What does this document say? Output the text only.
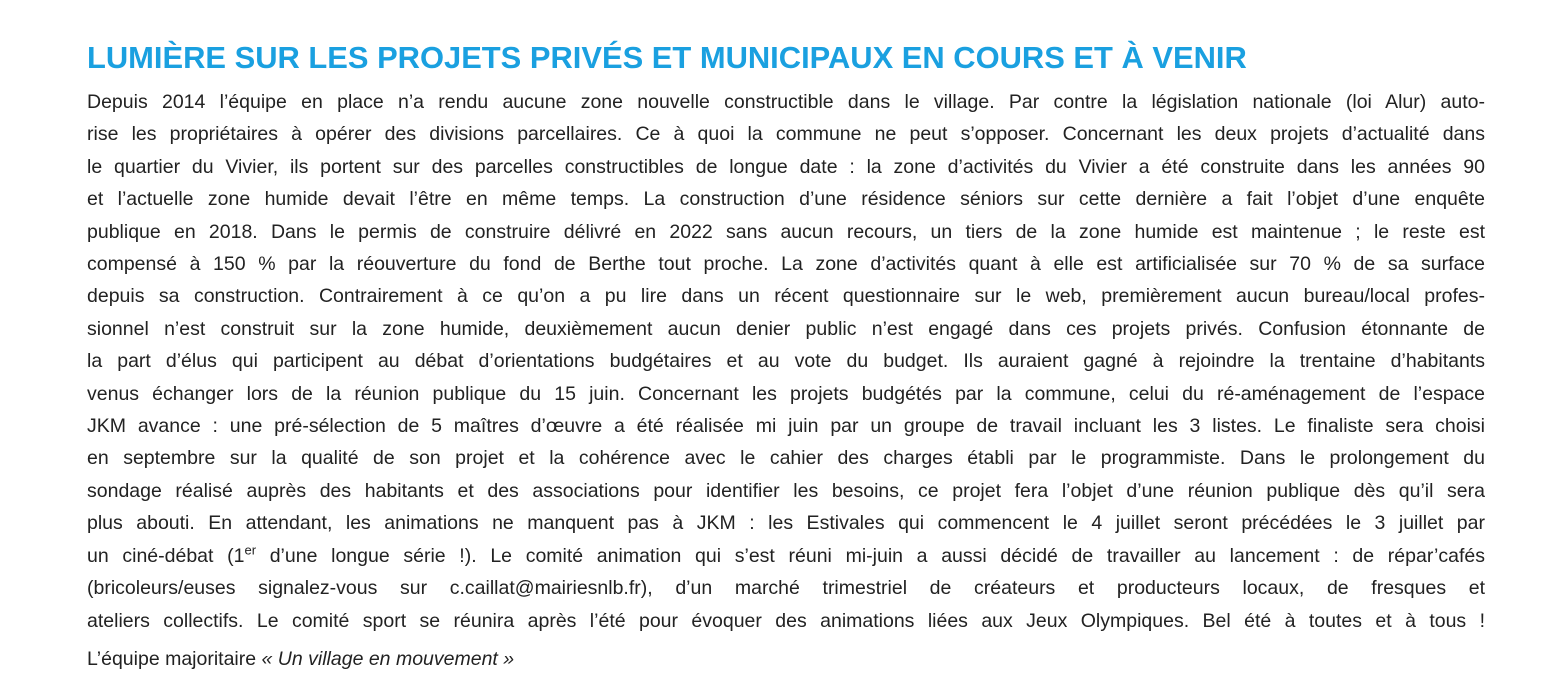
LUMIÈRE SUR LES PROJETS PRIVÉS ET MUNICIPAUX EN COURS ET À VENIR
Depuis 2014 l’équipe en place n’a rendu aucune zone nouvelle constructible dans le village. Par contre la législation nationale (loi Alur) auto-
rise les propriétaires à opérer des divisions parcellaires. Ce à quoi la commune ne peut s’opposer. Concernant les deux projets d’actualité dans
le quartier du Vivier, ils portent sur des parcelles constructibles de longue date : la zone d’activités du Vivier a été construite dans les années 90
et l’actuelle zone humide devait l’être en même temps. La construction d’une résidence séniors sur cette dernière a fait l’objet d’une enquête
publique en 2018. Dans le permis de construire délivré en 2022 sans aucun recours, un tiers de la zone humide est maintenue ; le reste est
compensé à 150 % par la réouverture du fond de Berthe tout proche. La zone d’activités quant à elle est artificialisée sur 70 % de sa surface
depuis sa construction. Contrairement à ce qu’on a pu lire dans un récent questionnaire sur le web, premièrement aucun bureau/local profes-
sionnel n’est construit sur la zone humide, deuxièmement aucun denier public n’est engagé dans ces projets privés. Confusion étonnante de
la part d’élus qui participent au débat d’orientations budgétaires et au vote du budget. Ils auraient gagné à rejoindre la trentaine d’habitants
venus échanger lors de la réunion publique du 15 juin. Concernant les projets budgétés par la commune, celui du ré-aménagement de l’espace
JKM avance : une pré-sélection de 5 maîtres d’œuvre a été réalisée mi juin par un groupe de travail incluant les 3 listes. Le finaliste sera choisi
en septembre sur la qualité de son projet et la cohérence avec le cahier des charges établi par le programmiste. Dans le prolongement du
sondage réalisé auprès des habitants et des associations pour identifier les besoins, ce projet fera l’objet d’une réunion publique dès qu’il sera
plus abouti. En attendant, les animations ne manquent pas à JKM : les Estivales qui commencent le 4 juillet seront précédées le 3 juillet par
un ciné-débat (1er d’une longue série !). Le comité animation qui s’est réuni mi-juin a aussi décidé de travailler au lancement : de répar’cafés
(bricoleurs/euses signalez-vous sur c.caillat@mairiesnlb.fr), d’un marché trimestriel de créateurs et producteurs locaux, de fresques et
ateliers collectifs. Le comité sport se réunira après l’été pour évoquer des animations liées aux Jeux Olympiques. Bel été à toutes et à tous !

L’équipe majoritaire « Un village en mouvement »
